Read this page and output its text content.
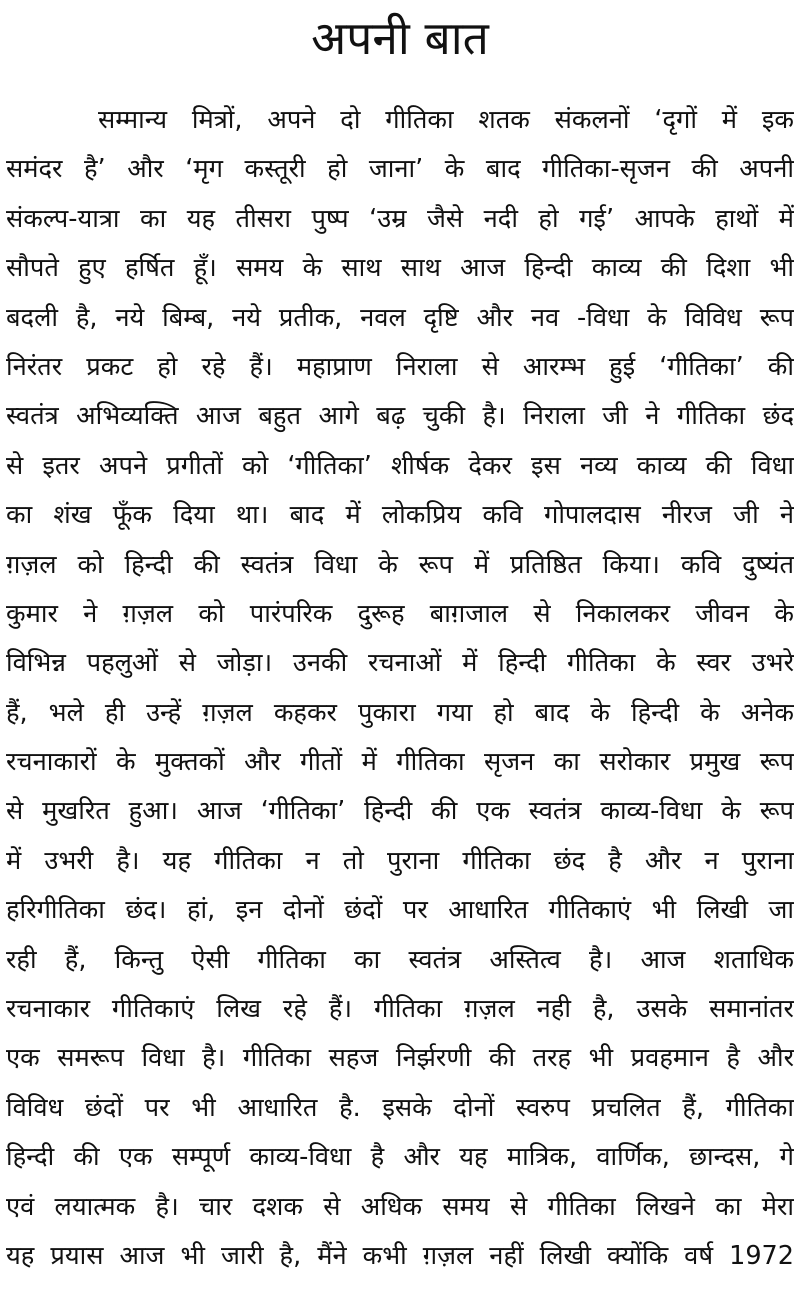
अपनी बात
सम्मान्य मित्रों, अपने दो गीतिका शतक संकलनों ‘दृगों में इक
समंदर है’ और ‘मृग कस्तूरी हो जाना’ के बाद गीतिका-सृजन की अपनी
संकल्प-यात्रा का यह तीसरा पुष्प ‘उम्र जैसे नदी हो गई’ आपके हाथों में
सौपते हुए हर्षित हूँ। समय के साथ साथ आज हिन्दी काव्य की दिशा भी
बदली है, नये बिम्ब, नये प्रतीक, नवल दृष्टि और नव -विधा के विविध रूप
निरंतर प्रकट हो रहे हैं। महाप्राण निराला से आरम्भ हुई ‘गीतिका’ की
स्वतंत्र अभिव्यक्ति आज बहुत आगे बढ़ चुकी है। निराला जी ने गीतिका छंद
से इतर अपने प्रगीतों को ‘गीतिका’ शीर्षक देकर इस नव्य काव्य की विधा
का शंख फूँक दिया था। बाद में लोकप्रिय कवि गोपालदास नीरज जी ने
ग़ज़ल को हिन्दी की स्वतंत्र विधा के रूप में प्रतिष्ठित किया। कवि दुष्यंत
कुमार ने ग़ज़ल को पारंपरिक दुरूह बाग़जाल से निकालकर जीवन के
विभिन्न पहलुओं से जोड़ा। उनकी रचनाओं में हिन्दी गीतिका के स्वर उभरे
हैं, भले ही उन्हें ग़ज़ल कहकर पुकारा गया हो बाद के हिन्दी के अनेक
रचनाकारों के मुक्तकों और गीतों में गीतिका सृजन का सरोकार प्रमुख रूप
से मुखरित हुआ। आज ‘गीतिका’ हिन्दी की एक स्वतंत्र काव्य-विधा के रूप
में उभरी है। यह गीतिका न तो पुराना गीतिका छंद है और न पुराना
हरिगीतिका छंद। हां, इन दोनों छंदों पर आधारित गीतिकाएं भी लिखी जा
रही हैं, किन्तु ऐसी गीतिका का स्वतंत्र अस्तित्व है। आज शताधिक
रचनाकार गीतिकाएं लिख रहे हैं। गीतिका ग़ज़ल नही है, उसके समानांतर
एक समरूप विधा है। गीतिका सहज निर्झरणी की तरह भी प्रवहमान है और
विविध छंदों पर भी आधारित है. इसके दोनों स्वरुप प्रचलित हैं, गीतिका
हिन्दी की एक सम्पूर्ण काव्य-विधा है और यह मात्रिक, वार्णिक, छान्दस, गे
एवं लयात्मक है। चार दशक से अधिक समय से गीतिका लिखने का मेरा
यह प्रयास आज भी जारी है, मैंने कभी ग़ज़ल नहीं लिखी क्योंकि वर्ष 1972
